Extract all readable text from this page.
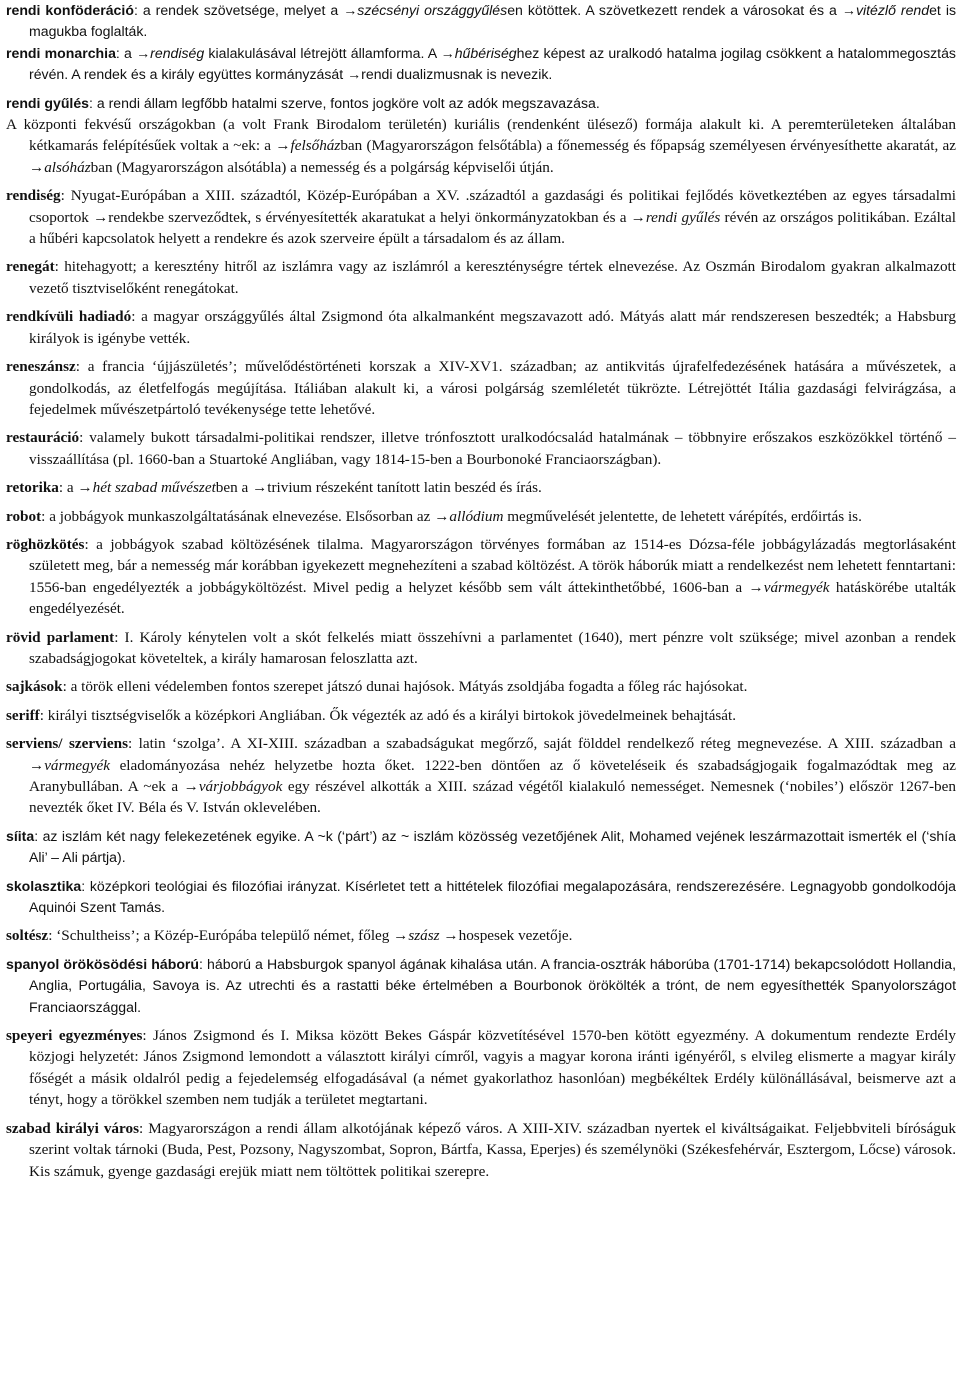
rendi konföderáció: a rendek szövetsége, melyet a →szécsényi országgyűlésen kötöttek. A szövetkezett rendek a városokat és a →vitézlő rendet is magukba foglalták.

rendi monarchia: a →rendiség kialakulásával létrejött államforma. A →hűbériséghez képest az uralkodó hatalma jogilag csökkent a hatalommegosztás révén. A rendek és a király együttes kormányzását →rendi dualizmusnak is nevezik.

rendi gyűlés: a rendi állam legfőbb hatalmi szerve, fontos jogköre volt az adók megszavazása.

A központi fekvésű országokban (a volt Frank Birodalom területén) kuriális (rendenként ülésező) formája alakult ki. A peremterületeken általában kétkamarás felépítésűek voltak a ~ek: a →felsőházban (Magyarországon felsőtábla) a főnemesség és főpapság személyesen érvényesíthette akaratát, az →alsóházban (Magyarországon alsótábla) a nemesség és a polgárság képviselői útján.

rendiség: Nyugat-Európában a XIII. századtól, Közép-Európában a XV. .századtól a gazdasági és politikai fejlődés következtében az egyes társadalmi csoportok →rendekbe szerveződtek, s érvényesítették akaratukat a helyi önkormányzatokban és a →rendi gyűlés révén az országos politikában. Ezáltal a hűbéri kapcsolatok helyett a rendekre és azok szerveire épült a társadalom és az állam.

renegát: hitehagyott; a keresztény hitről az iszlámra vagy az iszlámról a kereszténységre tértek elnevezése. Az Oszmán Birodalom gyakran alkalmazott vezető tisztviselőként renegátokat.

rendkívüli hadiadó: a magyar országgyűlés által Zsigmond óta alkalmanként megszavazott adó. Mátyás alatt már rendszeresen beszedték; a Habsburg királyok is igénybe vették.

reneszánsz: a francia ‘újjászületés’; művelődéstörténeti korszak a XIV-XV1. században; az antikvitás újrafelfedezésének hatására a művészetek, a gondolkodás, az életfelfogás megújítása. Itáliában alakult ki, a városi polgárság szemléletét tükrözte. Létrejöttét Itália gazdasági felvirágzása, a fejedelmek művészetpártoló tevékenysége tette lehetővé.

restauráció: valamely bukott társadalmi-politikai rendszer, illetve trónfosztott uralkodócsalád hatalmának – többnyire erőszakos eszközökkel történő – visszaállítása (pl. 1660-ban a Stuartoké Angliában, vagy 1814-15-ben a Bourbonoké Franciaországban).

retorika: a →hét szabad művészetben a →trivium részeként tanított latin beszéd és írás.

robot: a jobbágyok munkaszolgáltatásának elnevezése. Elsősorban az →allódium megművelését jelentette, de lehetett várépítés, erdőirtás is.

röghözkötés: a jobbágyok szabad költözésének tilalma. Magyarországon törvényes formában az 1514-es Dózsa-féle jobbágylázadás megtorlásaként született meg, bár a nemesség már korábban igyekezett megnehezíteni a szabad költözést. A török háborúk miatt a rendelkezést nem lehetett fenntartani: 1556-ban engedélyezték a jobbágyköltözést. Mivel pedig a helyzet később sem vált áttekinthetőbbé, 1606-ban a →vármegyék hatáskörébe utalták engedélyezését.

rövid parlament: I. Károly kénytelen volt a skót felkelés miatt összehívni a parlamentet (1640), mert pénzre volt szüksége; mivel azonban a rendek szabadságjogokat követeltek, a király hamarosan feloszlatta azt.

sajkások: a török elleni védelemben fontos szerepet játszó dunai hajósok. Mátyás zsoldjába fogadta a főleg rác hajósokat.

seriff: királyi tisztségviselők a középkori Angliában. Ők végezték az adó és a királyi birtokok jövedelmeinek behajtását.

serviens/ szerviens: latin ‘szolga’. A XI-XIII. században a szabadságukat megőrző, saját földdel rendelkező réteg megnevezése. A XIII. században a →vármegyék eladományozása nehéz helyzetbe hozta őket. 1222-ben döntően az ő követeléseik és szabadságjogaik fogalmazódtak meg az Aranybullában. A ~ek a →várjobbágyok egy részével alkották a XIII. század végétől kialakuló nemességet. Nemesnek (‘nobiles’) először 1267-ben nevezték őket IV. Béla és V. István oklevelében.

síita: az iszlám két nagy felekezetének egyike. A ~k (‘párt’) az ~ iszlám közösség vezetőjének Alit, Mohamed vejének leszármazottait ismerték el (‘shía Ali’ – Ali pártja).

skolasztika: középkori teológiai és filozófiai irányzat. Kísérletet tett a hittételek filozófiai megalapozására, rendszerezésére. Legnagyobb gondolkodója Aquinói Szent Tamás.

soltész: ‘Schultheiss’; a Közép-Európába települő német, főleg →szász →hospesek vezetője.

spanyol örökösödési háború: háború a Habsburgok spanyol ágának kihalása után. A francia-osztrák háborúba (1701-1714) bekapcsolódott Hollandia, Anglia, Portugália, Savoya is. Az utrechti és a rastatti béke értelmében a Bourbonok örökölték a trónt, de nem egyesíthették Spanyolországot Franciaországgal.

speyeri egyezményes: János Zsigmond és I. Miksa között Bekes Gáspár közvetítésével 1570-ben kötött egyezmény. A dokumentum rendezte Erdély közjogi helyzetét: János Zsigmond lemondott a választott királyi címről, vagyis a magyar korona iránti igényéről, s elvileg elismerte a magyar király főségét a másik oldalról pedig a fejedelemség elfogadásával (a német gyakorlathoz hasonlóan) megbékéltek Erdély különállásával, beismerve azt a tényt, hogy a törökkel szemben nem tudják a területet megtartani.

szabad királyi város: Magyarországon a rendi állam alkotójának képező város. A XIII-XIV. században nyertek el kiváltságaikat. Feljebbviteli bíróságuk szerint voltak tárnoki (Buda, Pest, Pozsony, Nagyszombat, Sopron, Bártfa, Kassa, Eperjes) és személynöki (Székesfehérvár, Esztergom, Lőcse) városok. Kis számuk, gyenge gazdasági erejük miatt nem töltöttek politikai szerepre.
